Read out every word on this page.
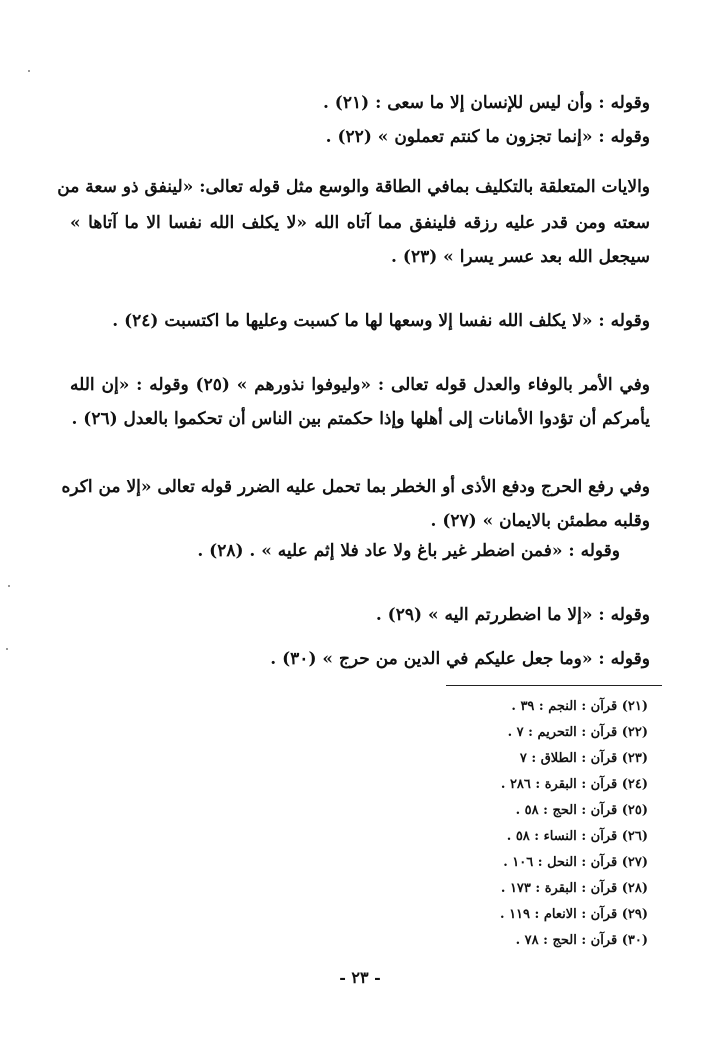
وقوله : وأن ليس للإنسان إلا ما سعى : (٢١) .
وقوله : «إنما تجزون ما كنتم تعملون » (٢٢) .
والايات المتعلقة بالتكليف بمافي الطاقة والوسع مثل قوله تعالى: «لينفق ذو سعة من
سعته ومن قدر عليه رزقه فلينفق مما آتاه الله «لا يكلف الله نفسا الا ما آتاها »
سيجعل الله بعد عسر يسرا » (٢٣) .
وقوله : «لا يكلف الله نفسا إلا وسعها لها ما كسبت وعليها ما اكتسبت (٢٤) .
وفي الأمر بالوفاء والعدل قوله تعالى : «وليوفوا نذورهم » (٢٥) وقوله : «إن الله
يأمركم أن تؤدوا الأمانات إلى أهلها وإذا حكمتم بين الناس أن تحكموا بالعدل (٢٦) .
وفي رفع الحرج ودفع الأذى أو الخطر بما تحمل عليه الضرر قوله تعالى «إلا من اكره
وقلبه مطمئن بالايمان » (٢٧) .
وقوله : «فمن اضطر غير باغ ولا عاد فلا إثم عليه » . (٢٨) .
وقوله : «إلا ما اضطررتم اليه » (٢٩) .
وقوله : «وما جعل عليكم في الدين من حرج » (٣٠) .
(٢١) قرآن : النجم : ٣٩ .
(٢٢) قرآن : التحريم : ٧ .
(٢٣) قرآن : الطلاق : ٧
(٢٤) قرآن : البقرة : ٢٨٦ .
(٢٥) قرآن : الحج : ٥٨ .
(٢٦) قرآن : النساء : ٥٨ .
(٢٧) قرآن : النحل : ١٠٦ .
(٢٨) قرآن : البقرة : ١٧٣ .
(٢٩) قرآن : الانعام : ١١٩ .
(٣٠) قرآن : الحج : ٧٨ .
- ٢٣ -
